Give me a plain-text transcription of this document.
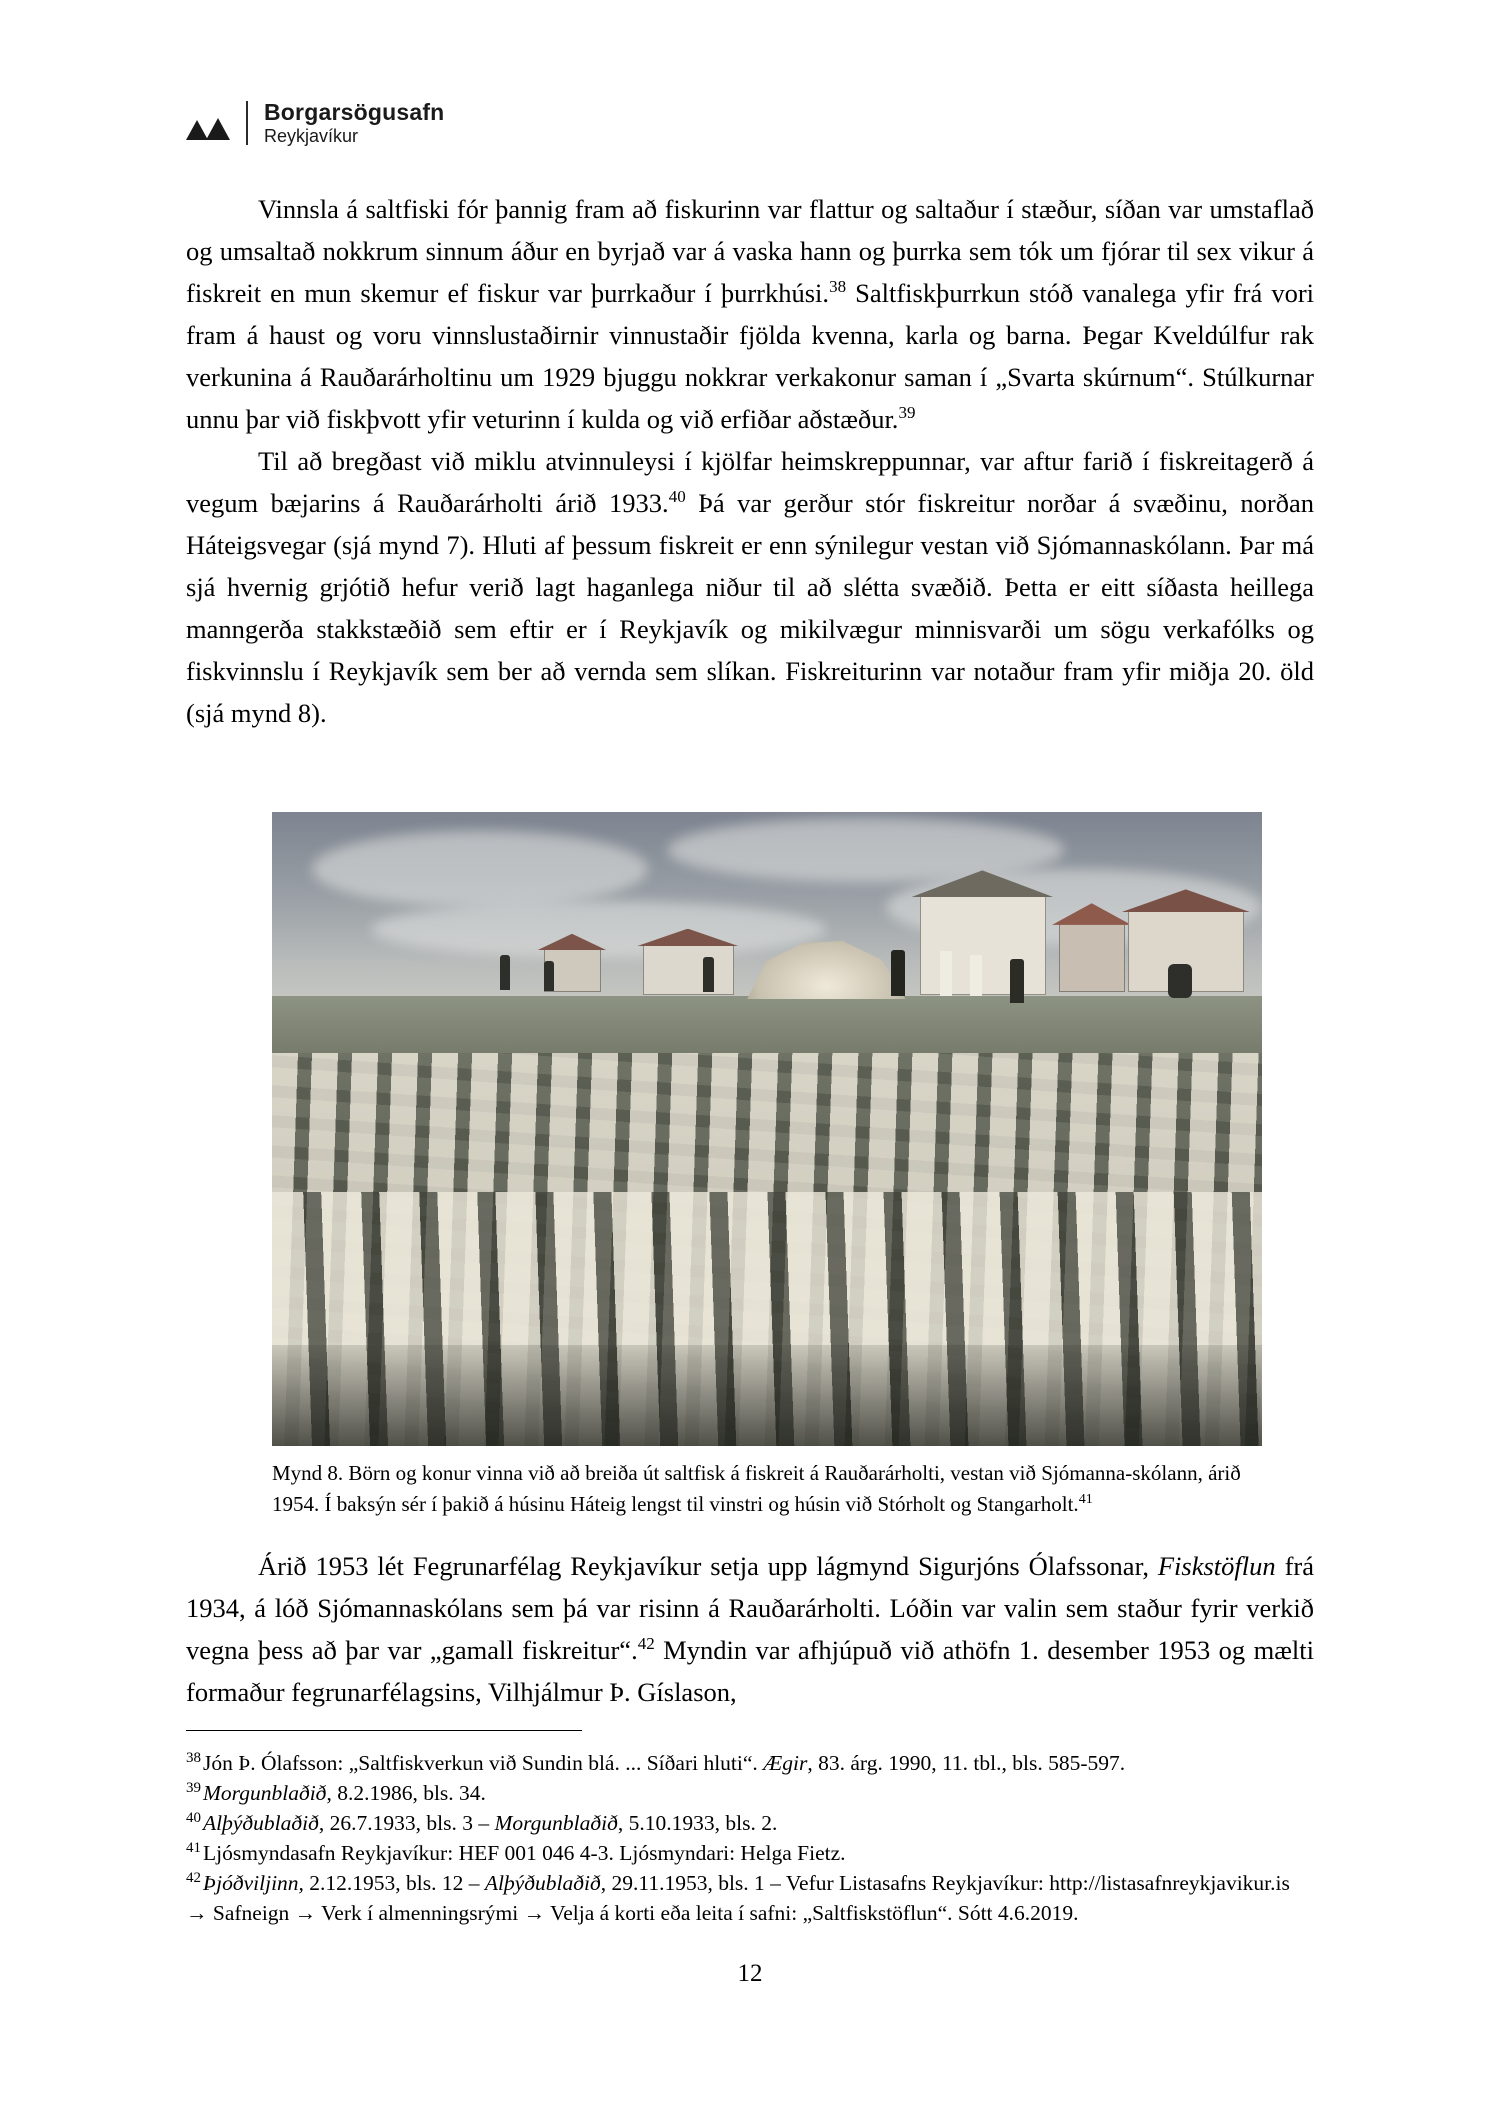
Borgarsögusafn
Reykjavíkur

Vinnsla á saltfiski fór þannig fram að fiskurinn var flattur og saltaður í stæður, síðan var umstaflað og umsaltað nokkrum sinnum áður en byrjað var á vaska hann og þurrka sem tók um fjórar til sex vikur á fiskreit en mun skemur ef fiskur var þurrkaður í þurrkhúsi.$^{38}$ Saltfiskþurrkun stóð vanalega yfir frá vori fram á haust og voru vinnslustaðirnir vinnustaðir fjölda kvenna, karla og barna. Þegar Kveldúlfur rak verkunina á Rauðarárholtinu um 1929 bjuggu nokkrar verkakonur saman í „Svarta skúrnum“. Stúlkurnar unnu þar við fiskþvott yfir veturinn í kulda og við erfiðar aðstæður.$^{39}$

Til að bregðast við miklu atvinnuleysi í kjölfar heimskreppunnar, var aftur farið í fiskreitagerð á vegum bæjarins á Rauðarárholti árið 1933.40 Þá var gerður stór fiskreitur norðar á svæðinu, norðan Háteigsvegar (sjá mynd 7). Hluti af þessum fiskreit er enn sýnilegur vestan við Sjómannaskólann. Þar má sjá hvernig grjótið hefur verið lagt haganlega niður til að slétta svæðið. Þetta er eitt síðasta heillega manngerða stakkstæðið sem eftir er í Reykjavík og mikilvægur minnisvarði um sögu verkafólks og fiskvinnslu í Reykjavík sem ber að vernda sem slíkan. Fiskreiturinn var notaður fram yfir miðja 20. öld (sjá mynd 8).

Mynd 8. Börn og konur vinna við að breiða út saltfisk á fiskreit á Rauðarárholti, vestan við Sjómanna-skólann, árið 1954. Í baksýn sér í þakið á húsinu Háteig lengst til vinstri og húsin við Stórholt og Stangarholt.$^{41}$

Árið 1953 lét Fegrunarfélag Reykjavíkur setja upp lágmynd Sigurjóns Ólafssonar, Fiskstöflun frá 1934, á lóð Sjómannaskólans sem þá var risinn á Rauðarárholti. Lóðin var valin sem staður fyrir verkið vegna þess að þar var „gamall fiskreitur“.$^{42}$ Myndin var afhjúpuð við athöfn 1. desember 1953 og mælti formaður fegrunarfélagsins, Vilhjálmur Þ. Gíslason,

$^{38}$Jón Þ. Ólafsson: „Saltfiskverkun við Sundin blá. ... Síðari hluti“. Ægir, 83. árg. 1990, 11. tbl., bls. 585-597.
$^{39}$Morgunblaðið, 8.2.1986, bls. 34.
$^{40}$Alþýðublaðið, 26.7.1933, bls. 3 – Morgunblaðið, 5.10.1933, bls. 2.
$^{41}$Ljósmyndasafn Reykjavíkur: HEF 001 046 4-3. Ljósmyndari: Helga Fietz.
$^{42}$Þjóðviljinn, 2.12.1953, bls. 12 – Alþýðublaðið, 29.11.1953, bls. 1 – Vefur Listasafns Reykjavíkur: http://listasafnreykjavikur.is → Safneign → Verk í almenningsrými → Velja á korti eða leita í safni: „Saltfiskstöflun“. Sótt 4.6.2019.
12
